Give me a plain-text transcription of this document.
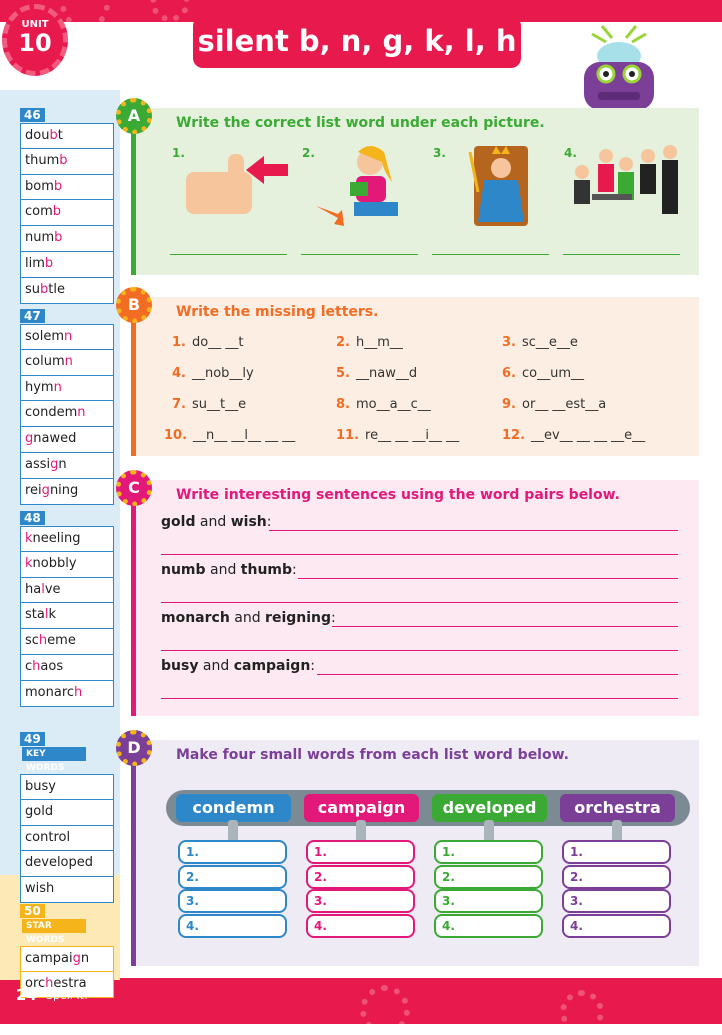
UNIT
10	silent b, n, g, k, l, h
46
doubt
thumb
bomb
comb
numb
limb
subtle
47
solemn
column
hymn
condemn
gnawed
assign
reigning
48
kneeling
knobbly
halve
stalk
scheme
chaos
monarch
49 KEY WORDS
busy
gold
control
developed
wish
50 STAR WORDS
campaign
orchestra
A	Write the correct list word under each picture.
1.	2.	3.	4.
B	Write the missing letters.
1. do__ __t	2. h__m__	3. sc__e__e
4. __nob__ly	5. __naw__d	6. co__um__
7. su__t__e	8. mo__a__c__	9. or__ __est__a
10. __n__ __l__ __ __	11. re__ __ __i__ __	12. __ev__ __ __ __e__
C	Write interesting sentences using the word pairs below.
gold and wish:
numb and thumb:
monarch and reigning:
busy and campaign:
D	Make four small words from each list word below.
condemn
1.
2.
3.
4.
campaign
1.
2.
3.
4.
developed
1.
2.
3.
4.
orchestra
1.
2.
3.
4.
24 Spell It!
